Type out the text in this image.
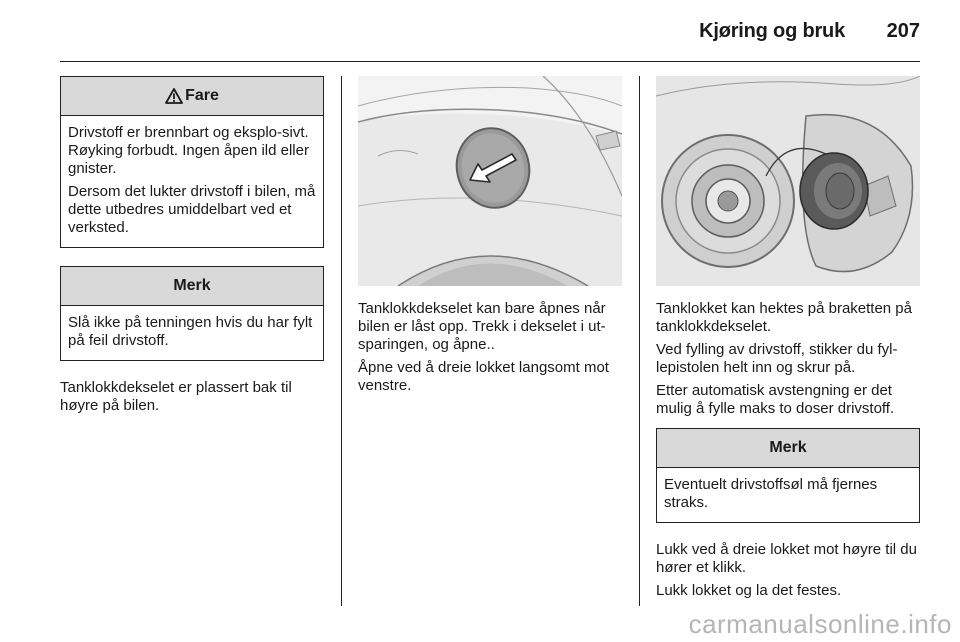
Kjøring og bruk 207
Fare

Drivstoff er brennbart og eksplo-sivt. Røyking forbudt. Ingen åpen ild eller gnister.

Dersom det lukter drivstoff i bilen, må dette utbedres umiddelbart ved et verksted.

Merk

Slå ikke på tenningen hvis du har fylt på feil drivstoff.

Tanklokkdekselet er plassert bak til høyre på bilen.

Tanklokkdekselet kan bare åpnes når bilen er låst opp. Trekk i dekselet i ut-sparingen, og åpne..

Åpne ved å dreie lokket langsomt mot venstre.

Tanklokket kan hektes på braketten på tanklokkdekselet.

Ved fylling av drivstoff, stikker du fyl-lepistolen helt inn og skrur på.

Etter automatisk avstengning er det mulig å fylle maks to doser drivstoff.

Merk

Eventuelt drivstoffsøl må fjernes straks.

Lukk ved å dreie lokket mot høyre til du hører et klikk.

Lukk lokket og la det festes.

carmanualsonline.info
